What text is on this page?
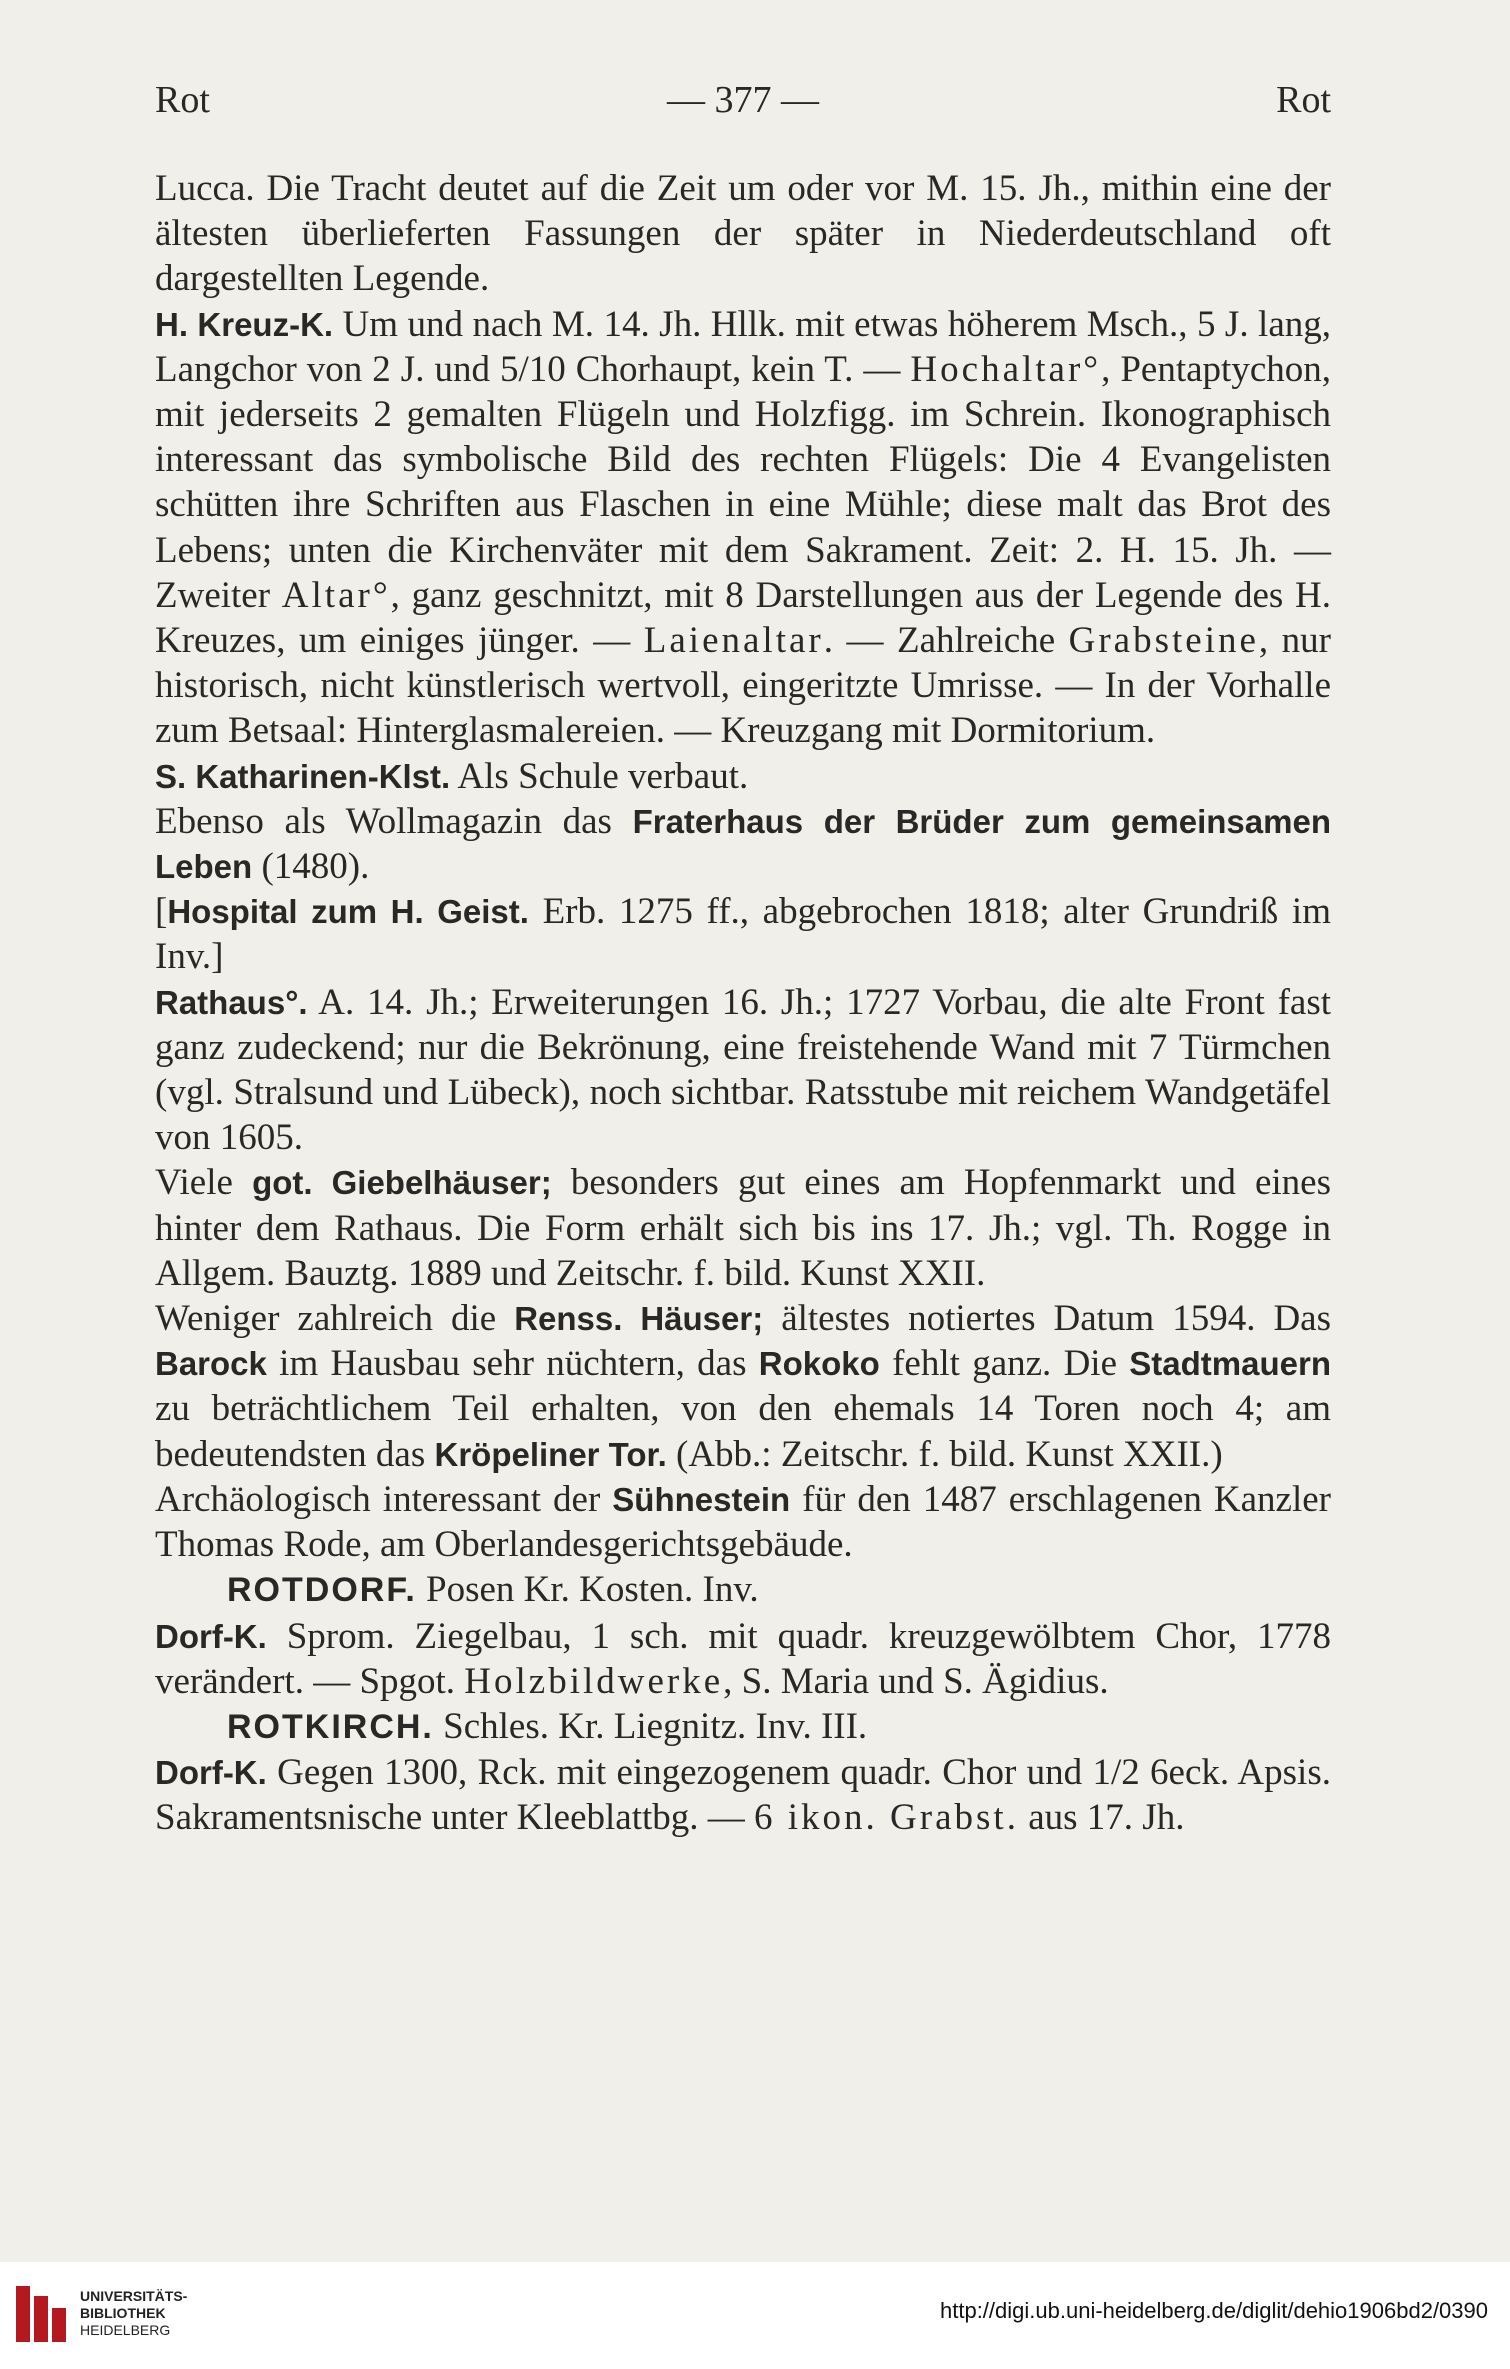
Rot	— 377 —	Rot

Lucca. Die Tracht deutet auf die Zeit um oder vor M. 15. Jh., mithin eine der ältesten überlieferten Fassungen der später in Niederdeutschland oft dargestellten Legende.

H. Kreuz-K. Um und nach M. 14. Jh. Hllk. mit etwas höherem Msch., 5 J. lang, Langchor von 2 J. und 5/10 Chorhaupt, kein T. — Hochaltar°, Pentaptychon, mit jederseits 2 gemalten Flügeln und Holzfigg. im Schrein. Ikonographisch interessant das symbolische Bild des rechten Flügels: Die 4 Evangelisten schütten ihre Schriften aus Flaschen in eine Mühle; diese malt das Brot des Lebens; unten die Kirchenväter mit dem Sakrament. Zeit: 2. H. 15. Jh. — Zweiter Altar°, ganz geschnitzt, mit 8 Darstellungen aus der Legende des H. Kreuzes, um einiges jünger. — Laienaltar. — Zahlreiche Grabsteine, nur historisch, nicht künstlerisch wertvoll, eingeritzte Umrisse. — In der Vorhalle zum Betsaal: Hinterglasmalereien. — Kreuzgang mit Dormitorium.

S. Katharinen-Klst. Als Schule verbaut.

Ebenso als Wollmagazin das Fraterhaus der Brüder zum gemeinsamen Leben (1480).

[Hospital zum H. Geist. Erb. 1275 ff., abgebrochen 1818; alter Grundriß im Inv.]

Rathaus°. A. 14. Jh.; Erweiterungen 16. Jh.; 1727 Vorbau, die alte Front fast ganz zudeckend; nur die Bekrönung, eine freistehende Wand mit 7 Türmchen (vgl. Stralsund und Lübeck), noch sichtbar. Ratsstube mit reichem Wandgetäfel von 1605.

Viele got. Giebelhäuser; besonders gut eines am Hopfenmarkt und eines hinter dem Rathaus. Die Form erhält sich bis ins 17. Jh.; vgl. Th. Rogge in Allgem. Bauztg. 1889 und Zeitschr. f. bild. Kunst XXII.

Weniger zahlreich die Renss. Häuser; ältestes notiertes Datum 1594. Das Barock im Hausbau sehr nüchtern, das Rokoko fehlt ganz. Die Stadtmauern zu beträchtlichem Teil erhalten, von den ehemals 14 Toren noch 4; am bedeutendsten das Kröpeliner Tor. (Abb.: Zeitschr. f. bild. Kunst XXII.)

Archäologisch interessant der Sühnestein für den 1487 erschlagenen Kanzler Thomas Rode, am Oberlandesgerichtsgebäude.

ROTDORF. Posen Kr. Kosten. Inv.

Dorf-K. Sprom. Ziegelbau, 1 sch. mit quadr. kreuzgewölbtem Chor, 1778 verändert. — Spgot. Holzbildwerke, S. Maria und S. Ägidius.

ROTKIRCH. Schles. Kr. Liegnitz. Inv. III.

Dorf-K. Gegen 1300, Rck. mit eingezogenem quadr. Chor und 1/2 6eck. Apsis. Sakramentsnische unter Kleeblattbg. — 6 ikon. Grabst. aus 17. Jh.

UNIVERSITÄTS-
BIBLIOTHEK
HEIDELBERG
http://digi.ub.uni-heidelberg.de/diglit/dehio1906bd2/0390
